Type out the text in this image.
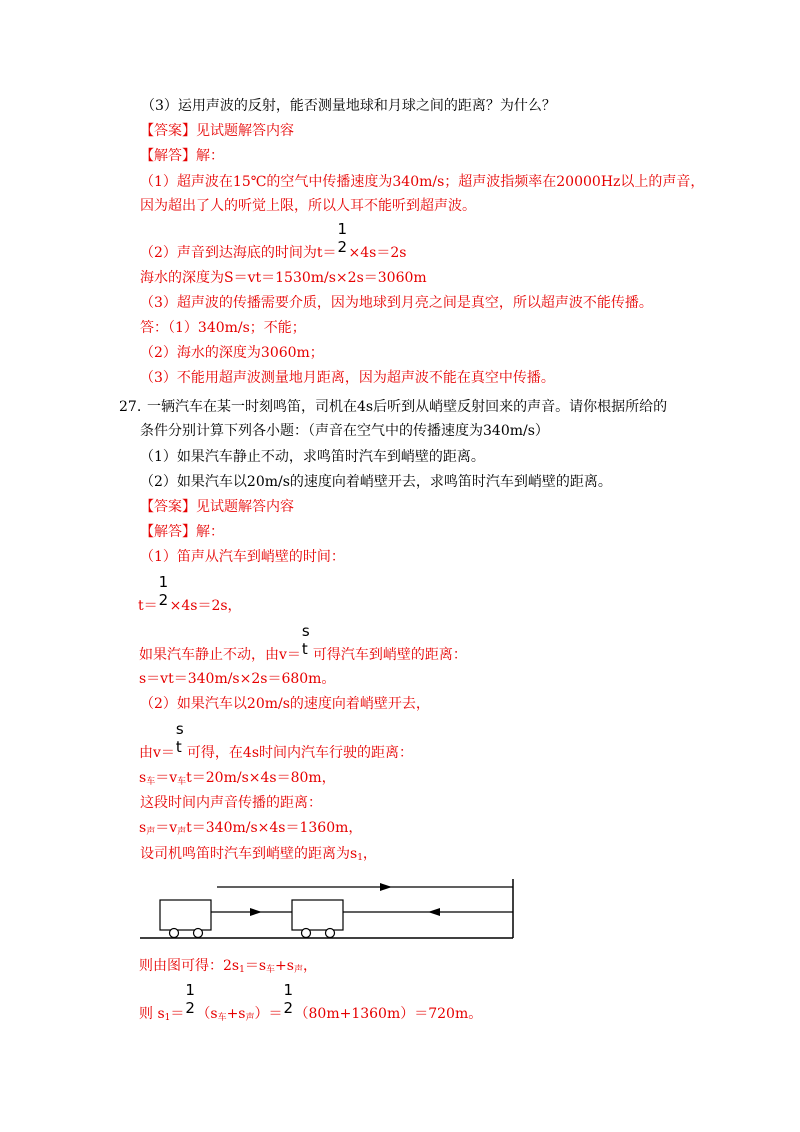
（3）运用声波的反射，能否测量地球和月球之间的距离？为什么？
【答案】见试题解答内容
【解答】解：
（1）超声波在15℃的空气中传播速度为340m/s；超声波指频率在20000Hz以上的声音，
因为超出了人的听觉上限，所以人耳不能听到超声波。
（2）声音到达海底的时间为t＝
1
2 ×4s＝2s
海水的深度为S＝vt＝1530m/s×2s＝3060m
（3）超声波的传播需要介质，因为地球到月亮之间是真空，所以超声波不能传播。
答：（1）340m/s；不能；
（2）海水的深度为3060m；
（3）不能用超声波测量地月距离，因为超声波不能在真空中传播。
27. 一辆汽车在某一时刻鸣笛，司机在4s后听到从峭壁反射回来的声音。请你根据所给的
条件分别计算下列各小题：（声音在空气中的传播速度为340m/s）
（1）如果汽车静止不动，求鸣笛时汽车到峭壁的距离。
（2）如果汽车以20m/s的速度向着峭壁开去，求鸣笛时汽车到峭壁的距离。
【答案】见试题解答内容
【解答】解：
（1）笛声从汽车到峭壁的时间：
t＝
1
2 ×4s＝2s，
如果汽车静止不动，由v＝
s
t 可得汽车到峭壁的距离：
s＝vt＝340m/s×2s＝680m。
（2）如果汽车以20m/s的速度向着峭壁开去，
由v＝
s
t 可得，在4s时间内汽车行驶的距离：
$s_车=v_车t=20m/s\times 4s=80m$，
这段时间内声音传播的距离：
$s_声=v_声t=340m/s\times 4s=1360m$，
设司机鸣笛时汽车到峭壁的距离为$s_1$，
则由图可得：$2s_1=s_车+s_声$，
则 $s_1=$
1
2 $(s_车+s_声)=$
1
2 （80m+1360m）＝720m。
